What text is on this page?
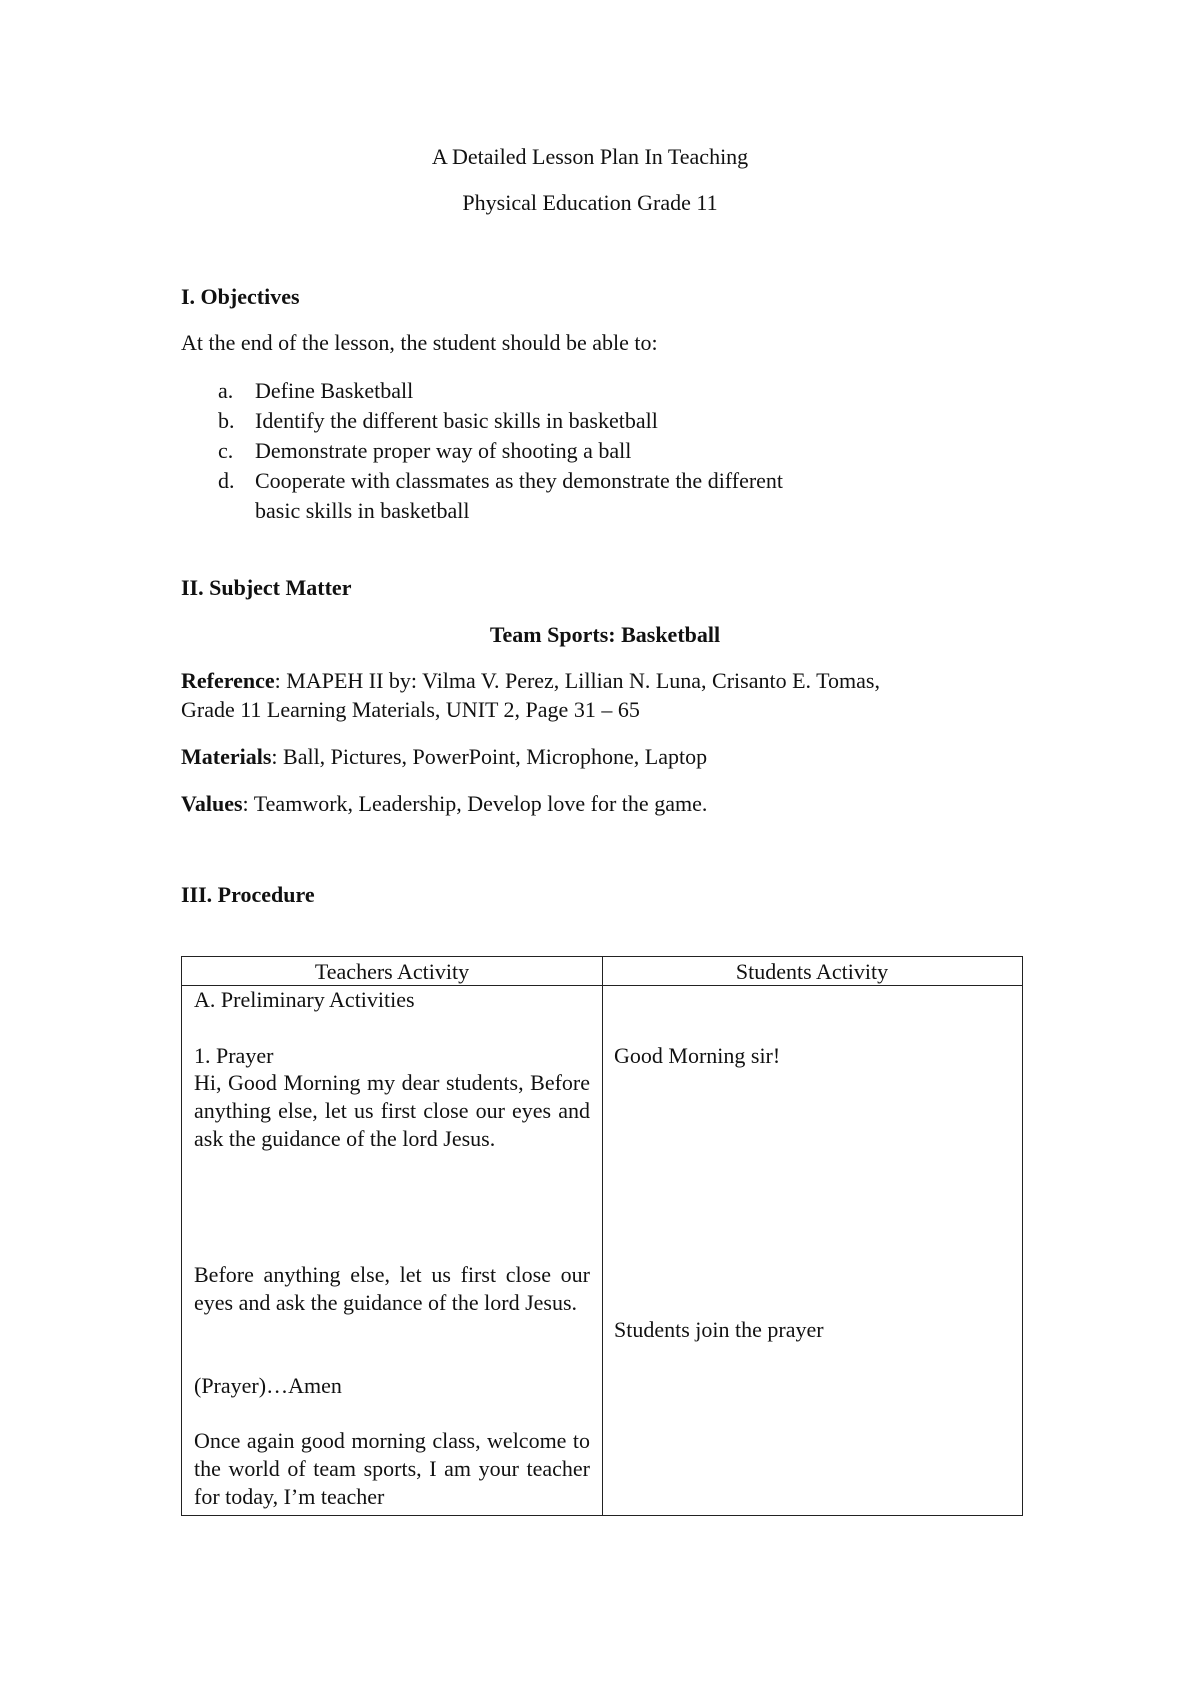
A Detailed Lesson Plan In Teaching
Physical Education Grade 11
I. Objectives
At the end of the lesson, the student should be able to:
a. Define Basketball
b. Identify the different basic skills in basketball
c. Demonstrate proper way of shooting a ball
d. Cooperate with classmates as they demonstrate the different basic skills in basketball
II. Subject Matter
Team Sports: Basketball
Reference: MAPEH II by: Vilma V. Perez, Lillian N. Luna, Crisanto E. Tomas,
Grade 11 Learning Materials, UNIT 2, Page 31 – 65
Materials: Ball, Pictures, PowerPoint, Microphone, Laptop
Values: Teamwork, Leadership, Develop love for the game.
III. Procedure
Teachers Activity	Students Activity
A. Preliminary Activities
1. Prayer
Hi, Good Morning my dear students, Before anything else, let us first close our eyes and ask the guidance of the lord Jesus.
Before anything else, let us first close our eyes and ask the guidance of the lord Jesus.
(Prayer)…Amen
Once again good morning class, welcome to the world of team sports, I am your teacher for today, I’m teacher
Good Morning sir!
Students join the prayer
